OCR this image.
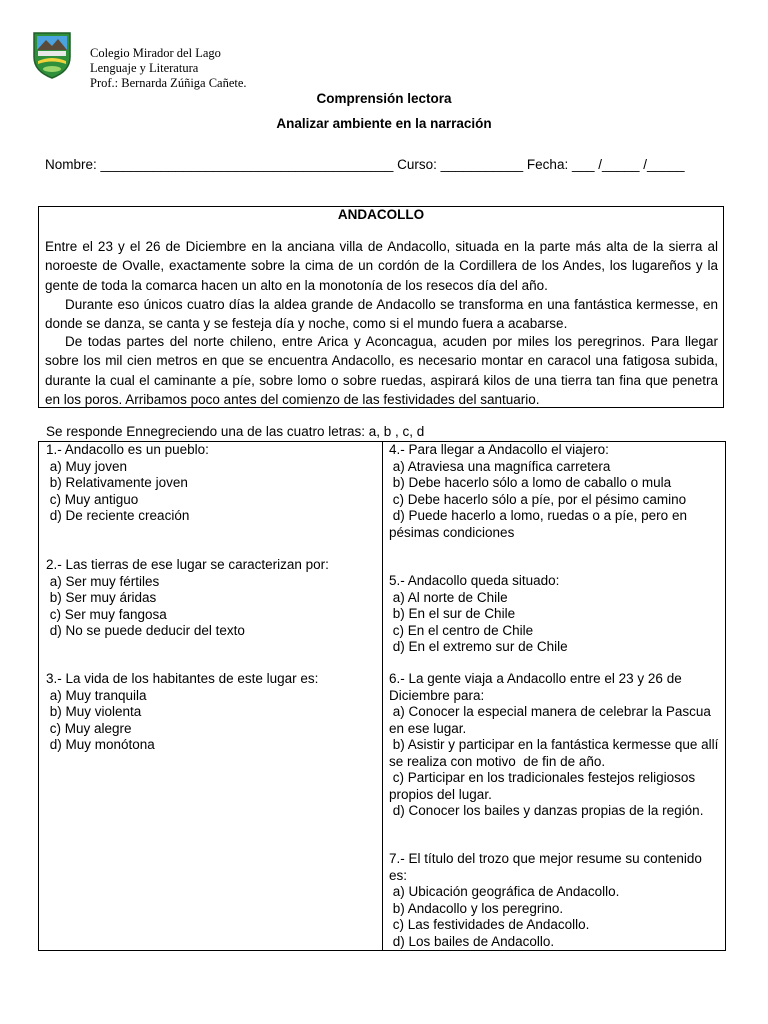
Colegio Mirador del Lago
Lenguaje y Literatura
Prof.: Bernarda Zúñiga Cañete.
Comprensión lectora
Analizar ambiente en la narración
Nombre: _______________________________________ Curso: ___________ Fecha: ___ /_____ /_____
ANDACOLLO
Entre el 23 y el 26 de Diciembre en la anciana villa de Andacollo, situada en la parte más alta de la sierra al noroeste de Ovalle, exactamente sobre la cima de un cordón de la Cordillera de los Andes, los lugareños y la gente de toda la comarca hacen un alto en la monotonía de los resecos día del año.
Durante eso únicos cuatro días la aldea grande de Andacollo se transforma en una fantástica kermesse, en donde se danza, se canta y se festeja día y noche, como si el mundo fuera a acabarse.
De todas partes del norte chileno, entre Arica y Aconcagua, acuden por miles los peregrinos. Para llegar sobre los mil cien metros en que se encuentra Andacollo, es necesario montar en caracol una fatigosa subida, durante la cual el caminante a píe, sobre lomo o sobre ruedas, aspirará kilos de una tierra tan fina que penetra en los poros. Arribamos poco antes del comienzo de las festividades del santuario.
Se responde Ennegreciendo una de las cuatro letras: a, b , c, d
1.- Andacollo es un pueblo:
a) Muy joven
b) Relativamente joven
c) Muy antiguo
d) De reciente creación
2.- Las tierras de ese lugar se caracterizan por:
a) Ser muy fértiles
b) Ser muy áridas
c) Ser muy fangosa
d) No se puede deducir del texto
3.- La vida de los habitantes de este lugar es:
a) Muy tranquila
b) Muy violenta
c) Muy alegre
d) Muy monótona
4.- Para llegar a Andacollo el viajero:
a) Atraviesa una magnífica carretera
b) Debe hacerlo sólo a lomo de caballo o mula
c) Debe hacerlo sólo a píe, por el pésimo camino
d) Puede hacerlo a lomo, ruedas o a píe, pero en pésimas condiciones
5.- Andacollo queda situado:
a) Al norte de Chile
b) En el sur de Chile
c) En el centro de Chile
d) En el extremo sur de Chile
6.- La gente viaja a Andacollo entre el 23 y 26 de Diciembre para:
a) Conocer la especial manera de celebrar la Pascua en ese lugar.
b) Asistir y participar en la fantástica kermesse que allí se realiza con motivo  de fin de año.
c) Participar en los tradicionales festejos religiosos propios del lugar.
d) Conocer los bailes y danzas propias de la región.
7.- El título del trozo que mejor resume su contenido es:
a) Ubicación geográfica de Andacollo.
b) Andacollo y los peregrino.
c) Las festividades de Andacollo.
d) Los bailes de Andacollo.
